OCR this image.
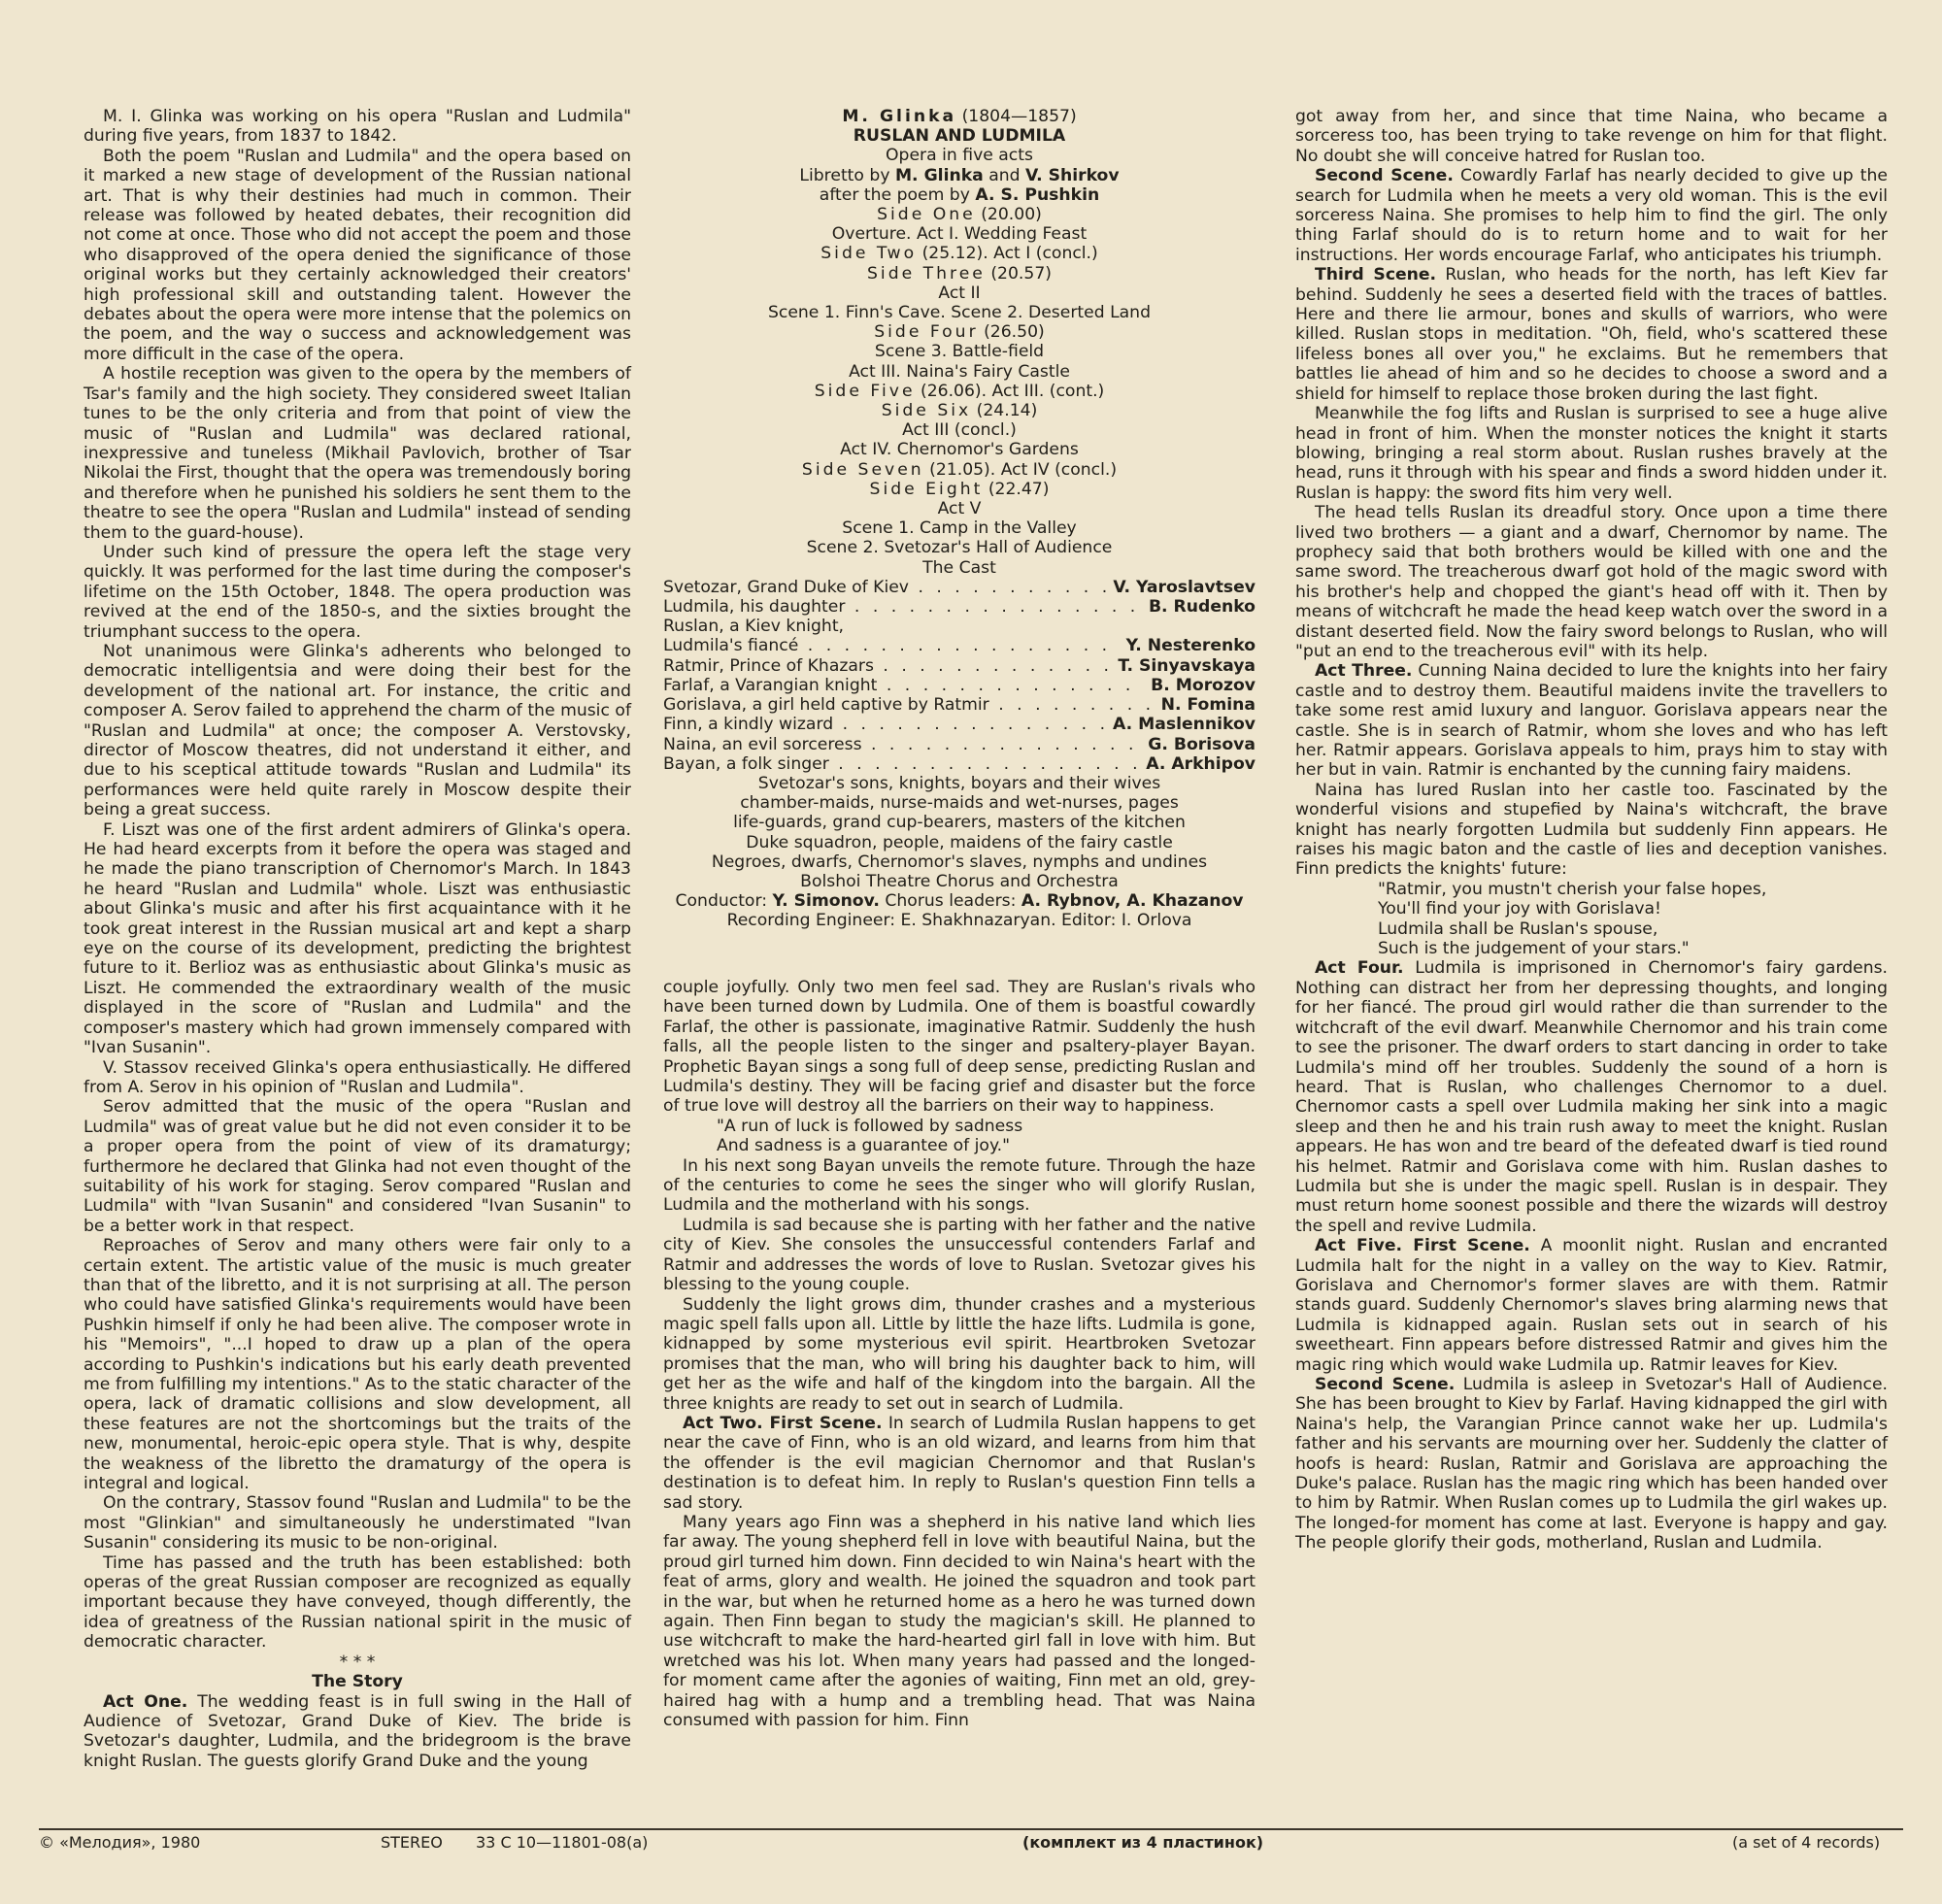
M. I. Glinka was working on his opera "Ruslan and Ludmila" during five years, from 1837 to 1842.

Both the poem "Ruslan and Ludmila" and the opera based on it marked a new stage of development of the Russian national art. That is why their destinies had much in common. Their release was followed by heated debates, their recognition did not come at once. Those who did not accept the poem and those who disapproved of the opera denied the significance of those original works but they certainly acknowledged their creators' high professional skill and outstanding talent. However the debates about the opera were more intense that the polemics on the poem, and the way o success and acknowledgement was more difficult in the case of the opera.

A hostile reception was given to the opera by the members of Tsar's family and the high society. They considered sweet Italian tunes to be the only criteria and from that point of view the music of "Ruslan and Ludmila" was declared rational, inexpressive and tuneless (Mikhail Pavlovich, brother of Tsar Nikolai the First, thought that the opera was tremendously boring and therefore when he punished his soldiers he sent them to the theatre to see the opera "Ruslan and Ludmila" instead of sending them to the guard-house).

Under such kind of pressure the opera left the stage very quickly. It was performed for the last time during the composer's lifetime on the 15th October, 1848. The opera production was revived at the end of the 1850-s, and the sixties brought the triumphant success to the opera.

Not unanimous were Glinka's adherents who belonged to democratic intelligentsia and were doing their best for the development of the national art. For instance, the critic and composer A. Serov failed to apprehend the charm of the music of "Ruslan and Ludmila" at once; the composer A. Verstovsky, director of Moscow theatres, did not understand it either, and due to his sceptical attitude towards "Ruslan and Ludmila" its performances were held quite rarely in Moscow despite their being a great success.

F. Liszt was one of the first ardent admirers of Glinka's opera. He had heard excerpts from it before the opera was staged and he made the piano transcription of Chernomor's March. In 1843 he heard "Ruslan and Ludmila" whole. Liszt was enthusiastic about Glinka's music and after his first acquaintance with it he took great interest in the Russian musical art and kept a sharp eye on the course of its development, predicting the brightest future to it. Berlioz was as enthusiastic about Glinka's music as Liszt. He commended the extraordinary wealth of the music displayed in the score of "Ruslan and Ludmila" and the composer's mastery which had grown immensely compared with "Ivan Susanin".

V. Stassov received Glinka's opera enthusiastically. He differed from A. Serov in his opinion of "Ruslan and Ludmila".

Serov admitted that the music of the opera "Ruslan and Ludmila" was of great value but he did not even consider it to be a proper opera from the point of view of its dramaturgy; furthermore he declared that Glinka had not even thought of the suitability of his work for staging. Serov compared "Ruslan and Ludmila" with "Ivan Susanin" and considered "Ivan Susanin" to be a better work in that respect.

Reproaches of Serov and many others were fair only to a certain extent. The artistic value of the music is much greater than that of the libretto, and it is not surprising at all. The person who could have satisfied Glinka's requirements would have been Pushkin himself if only he had been alive. The composer wrote in his "Memoirs", "...I hoped to draw up a plan of the opera according to Pushkin's indications but his early death prevented me from fulfilling my intentions." As to the static character of the opera, lack of dramatic collisions and slow development, all these features are not the shortcomings but the traits of the new, monumental, heroic-epic opera style. That is why, despite the weakness of the libretto the dramaturgy of the opera is integral and logical.

On the contrary, Stassov found "Ruslan and Ludmila" to be the most "Glinkian" and simultaneously he understimated "Ivan Susanin" considering its music to be non-original.

Time has passed and the truth has been established: both operas of the great Russian composer are recognized as equally important because they have conveyed, though differently, the idea of greatness of the Russian national spirit in the music of democratic character.

* * *

The Story

Act One. The wedding feast is in full swing in the Hall of Audience of Svetozar, Grand Duke of Kiev. The bride is Svetozar's daughter, Ludmila, and the bridegroom is the brave knight Ruslan. The guests glorify Grand Duke and the young

M. Glinka (1804—1857)
RUSLAN AND LUDMILA
Opera in five acts
Libretto by M. Glinka and V. Shirkov
after the poem by A. S. Pushkin
Side One (20.00)
Overture. Act I. Wedding Feast
Side Two (25.12). Act I (concl.)
Side Three (20.57)
Act II
Scene 1. Finn's Cave. Scene 2. Deserted Land
Side Four (26.50)
Scene 3. Battle-field
Act III. Naina's Fairy Castle
Side Five (26.06). Act III. (cont.)
Side Six (24.14)
Act III (concl.)
Act IV. Chernomor's Gardens
Side Seven (21.05). Act IV (concl.)
Side Eight (22.47)
Act V
Scene 1. Camp in the Valley
Scene 2. Svetozar's Hall of Audience
The Cast
Svetozar, Grand Duke of Kiev . . .	V. Yaroslavtsev
Ludmila, his daughter . . .	B. Rudenko
Ruslan, a Kiev knight,
Ludmila's fiancé . . .	Y. Nesterenko
Ratmir, Prince of Khazars . . .	T. Sinyavskaya
Farlaf, a Varangian knight . . .	B. Morozov
Gorislava, a girl held captive by Ratmir . . .	N. Fomina
Finn, a kindly wizard . . .	A. Maslennikov
Naina, an evil sorceress . . .	G. Borisova
Bayan, a folk singer . . .	A. Arkhipov
Svetozar's sons, knights, boyars and their wives
chamber-maids, nurse-maids and wet-nurses, pages
life-guards, grand cup-bearers, masters of the kitchen
Duke squadron, people, maidens of the fairy castle
Negroes, dwarfs, Chernomor's slaves, nymphs and undines
Bolshoi Theatre Chorus and Orchestra
Conductor: Y. Simonov. Chorus leaders: A. Rybnov, A. Khazanov
Recording Engineer: E. Shakhnazaryan. Editor: I. Orlova

couple joyfully. Only two men feel sad. They are Ruslan's rivals who have been turned down by Ludmila. One of them is boastful cowardly Farlaf, the other is passionate, imaginative Ratmir. Suddenly the hush falls, all the people listen to the singer and psaltery-player Bayan. Prophetic Bayan sings a song full of deep sense, predicting Ruslan and Ludmila's destiny. They will be facing grief and disaster but the force of true love will destroy all the barriers on their way to happiness.

"A run of luck is followed by sadness

And sadness is a guarantee of joy."

In his next song Bayan unveils the remote future. Through the haze of the centuries to come he sees the singer who will glorify Ruslan, Ludmila and the motherland with his songs.

Ludmila is sad because she is parting with her father and the native city of Kiev. She consoles the unsuccessful contenders Farlaf and Ratmir and addresses the words of love to Ruslan. Svetozar gives his blessing to the young couple.

Suddenly the light grows dim, thunder crashes and a mysterious magic spell falls upon all. Little by little the haze lifts. Ludmila is gone, kidnapped by some mysterious evil spirit. Heartbroken Svetozar promises that the man, who will bring his daughter back to him, will get her as the wife and half of the kingdom into the bargain. All the three knights are ready to set out in search of Ludmila.

Act Two. First Scene. In search of Ludmila Ruslan happens to get near the cave of Finn, who is an old wizard, and learns from him that the offender is the evil magician Chernomor and that Ruslan's destination is to defeat him. In reply to Ruslan's question Finn tells a sad story.

Many years ago Finn was a shepherd in his native land which lies far away. The young shepherd fell in love with beautiful Naina, but the proud girl turned him down. Finn decided to win Naina's heart with the feat of arms, glory and wealth. He joined the squadron and took part in the war, but when he returned home as a hero he was turned down again. Then Finn began to study the magician's skill. He planned to use witchcraft to make the hard-hearted girl fall in love with him. But wretched was his lot. When many years had passed and the longed-for moment came after the agonies of waiting, Finn met an old, grey-haired hag with a hump and a trembling head. That was Naina consumed with passion for him. Finn

got away from her, and since that time Naina, who became a sorceress too, has been trying to take revenge on him for that flight. No doubt she will conceive hatred for Ruslan too.

Second Scene. Cowardly Farlaf has nearly decided to give up the search for Ludmila when he meets a very old woman. This is the evil sorceress Naina. She promises to help him to find the girl. The only thing Farlaf should do is to return home and to wait for her instructions. Her words encourage Farlaf, who anticipates his triumph.

Third Scene. Ruslan, who heads for the north, has left Kiev far behind. Suddenly he sees a deserted field with the traces of battles. Here and there lie armour, bones and skulls of warriors, who were killed. Ruslan stops in meditation. "Oh, field, who's scattered these lifeless bones all over you," he exclaims. But he remembers that battles lie ahead of him and so he decides to choose a sword and a shield for himself to replace those broken during the last fight.

Meanwhile the fog lifts and Ruslan is surprised to see a huge alive head in front of him. When the monster notices the knight it starts blowing, bringing a real storm about. Ruslan rushes bravely at the head, runs it through with his spear and finds a sword hidden under it. Ruslan is happy: the sword fits him very well.

The head tells Ruslan its dreadful story. Once upon a time there lived two brothers — a giant and a dwarf, Chernomor by name. The prophecy said that both brothers would be killed with one and the same sword. The treacherous dwarf got hold of the magic sword with his brother's help and chopped the giant's head off with it. Then by means of witchcraft he made the head keep watch over the sword in a distant deserted field. Now the fairy sword belongs to Ruslan, who will "put an end to the treacherous evil" with its help.

Act Three. Cunning Naina decided to lure the knights into her fairy castle and to destroy them. Beautiful maidens invite the travellers to take some rest amid luxury and languor. Gorislava appears near the castle. She is in search of Ratmir, whom she loves and who has left her. Ratmir appears. Gorislava appeals to him, prays him to stay with her but in vain. Ratmir is enchanted by the cunning fairy maidens.

Naina has lured Ruslan into her castle too. Fascinated by the wonderful visions and stupefied by Naina's witchcraft, the brave knight has nearly forgotten Ludmila but suddenly Finn appears. He raises his magic baton and the castle of lies and deception vanishes. Finn predicts the knights' future:

"Ratmir, you mustn't cherish your false hopes,

You'll find your joy with Gorislava!

Ludmila shall be Ruslan's spouse,

Such is the judgement of your stars."

Act Four. Ludmila is imprisoned in Chernomor's fairy gardens. Nothing can distract her from her depressing thoughts, and longing for her fiancé. The proud girl would rather die than surrender to the witchcraft of the evil dwarf. Meanwhile Chernomor and his train come to see the prisoner. The dwarf orders to start dancing in order to take Ludmila's mind off her troubles. Suddenly the sound of a horn is heard. That is Ruslan, who challenges Chernomor to a duel. Chernomor casts a spell over Ludmila making her sink into a magic sleep and then he and his train rush away to meet the knight. Ruslan appears. He has won and tre beard of the defeated dwarf is tied round his helmet. Ratmir and Gorislava come with him. Ruslan dashes to Ludmila but she is under the magic spell. Ruslan is in despair. They must return home soonest possible and there the wizards will destroy the spell and revive Ludmila.

Act Five. First Scene. A moonlit night. Ruslan and encranted Ludmila halt for the night in a valley on the way to Kiev. Ratmir, Gorislava and Chernomor's former slaves are with them. Ratmir stands guard. Suddenly Chernomor's slaves bring alarming news that Ludmila is kidnapped again. Ruslan sets out in search of his sweetheart. Finn appears before distressed Ratmir and gives him the magic ring which would wake Ludmila up. Ratmir leaves for Kiev.

Second Scene. Ludmila is asleep in Svetozar's Hall of Audience. She has been brought to Kiev by Farlaf. Having kidnapped the girl with Naina's help, the Varangian Prince cannot wake her up. Ludmila's father and his servants are mourning over her. Suddenly the clatter of hoofs is heard: Ruslan, Ratmir and Gorislava are approaching the Duke's palace. Ruslan has the magic ring which has been handed over to him by Ratmir. When Ruslan comes up to Ludmila the girl wakes up. The longed-for moment has come at last. Everyone is happy and gay. The people glorify their gods, motherland, Ruslan and Ludmila.

© «Мелодия», 1980	STEREO 33 С 10—11801-08(а)	(комплект из 4 пластинок)	(a set of 4 records)
